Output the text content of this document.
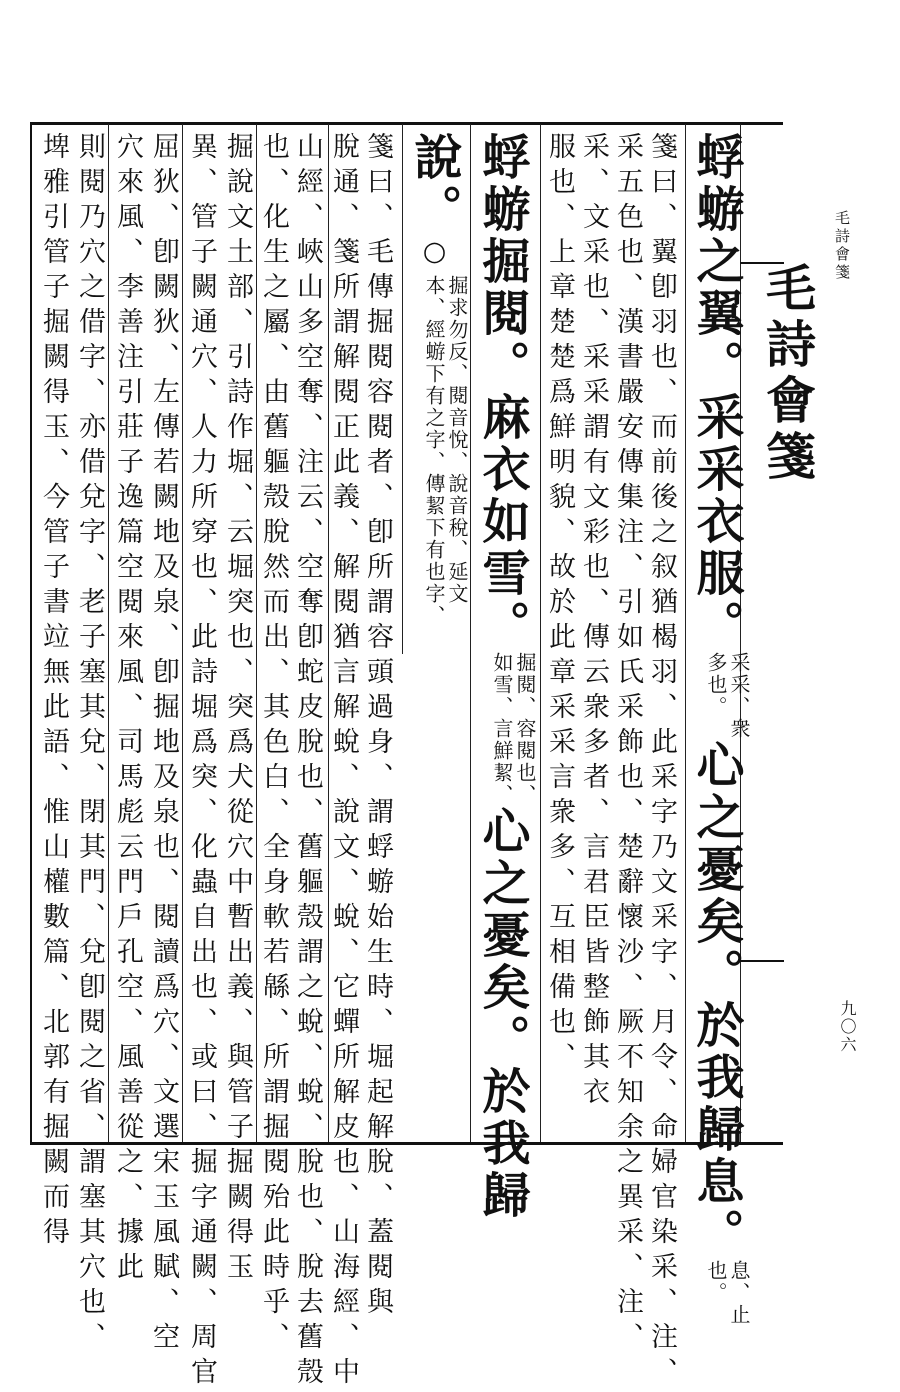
毛詩會箋
毛詩會箋
九〇六
蜉蝣之翼。采采衣服。
采采、衆
多也。
心之憂矣。於我歸息。
息、止
也。
箋曰、翼卽羽也、而前後之叙猶楬羽、此采字乃文采字、月令、命婦官染采、注、
采五色也、漢書嚴安傳集注、引如氏采飾也、楚辭懷沙、厥不知余之異采、注、
采、文采也、采采謂有文彩也、傳云衆多者、言君臣皆整飾其衣
服也、上章楚楚爲鮮明貌、故於此章采采言衆多、互相備也、
蜉蝣掘閱。麻衣如雪。
掘閱、容閱也、
如雪、言鮮絜、
心之憂矣。於我歸
說。○
掘求勿反、閱音悅、說音稅、延文
本、經蝣下有之字、傳絜下有也字、
箋曰、毛傳掘閱容閱者、卽所謂容頭過身、謂蜉蝣始生時、堀起解脫、蓋閱與
脫通、箋所謂解閱正此義、解閱猶言解蛻、說文、蛻、它蟬所解皮也、山海經、中
山經、峽山多空奪、注云、空奪卽蛇皮脫也、舊軀殼謂之蛻、蛻、脫也、脫去舊殼
也、化生之屬、由舊軀殼脫然而出、其色白、全身軟若緜、所謂掘閱殆此時乎、
掘說文土部、引詩作堀、云堀突也、突爲犬從穴中暫出義、與管子掘闕得玉
異、管子闕通穴、人力所穿也、此詩堀爲突、化蟲自出也、或曰、掘字通闕、周官
屈狄、卽闕狄、左傳若闕地及泉、卽掘地及泉也、閱讀爲穴、文選宋玉風賦、空
穴來風、李善注引莊子逸篇空閱來風、司馬彪云門戶孔空、風善從之、據此
則閱乃穴之借字、亦借兌字、老子塞其兌、閉其門、兌卽閱之省、謂塞其穴也、
埤雅引管子掘闕得玉、今管子書竝無此語、惟山權數篇、北郭有掘闕而得
